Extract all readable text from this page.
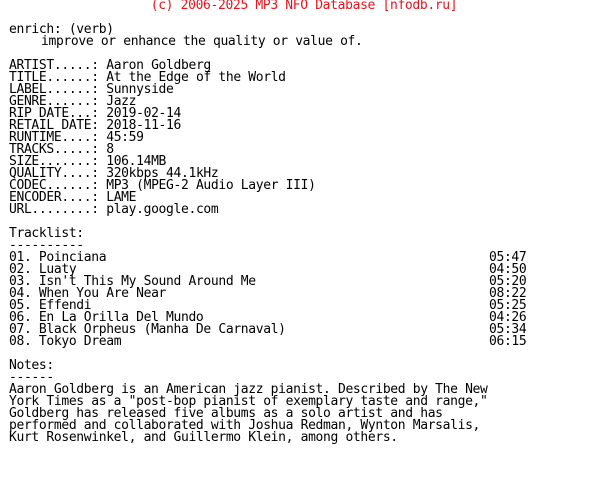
(c) 2006-2025 MP3 NFO Database [nfodb.ru]
enrich: (verb)
improve or enhance the quality or value of.
ARTIST.....: Aaron Goldberg
TITLE......: At the Edge of the World
LABEL......: Sunnyside
GENRE......: Jazz
RIP DATE...: 2019-02-14
RETAIL DATE: 2018-11-16
RUNTIME....: 45:59
TRACKS.....: 8
SIZE.......: 106.14MB
QUALITY....: 320kbps 44.1kHz
CODEC......: MP3 (MPEG-2 Audio Layer III)
ENCODER....: LAME
URL........: play.google.com
Tracklist:
----------
01. Poinciana	05:47
02. Luaty	04:50
03. Isn't This My Sound Around Me	05:20
04. When You Are Near	08:22
05. Effendi	05:25
06. En La Orilla Del Mundo	04:26
07. Black Orpheus (Manha De Carnaval)	05:34
08. Tokyo Dream	06:15
Notes:
------
Aaron Goldberg is an American jazz pianist. Described by The New
York Times as a "post-bop pianist of exemplary taste and range,"
Goldberg has released five albums as a solo artist and has
performed and collaborated with Joshua Redman, Wynton Marsalis,
Kurt Rosenwinkel, and Guillermo Klein, among others.
